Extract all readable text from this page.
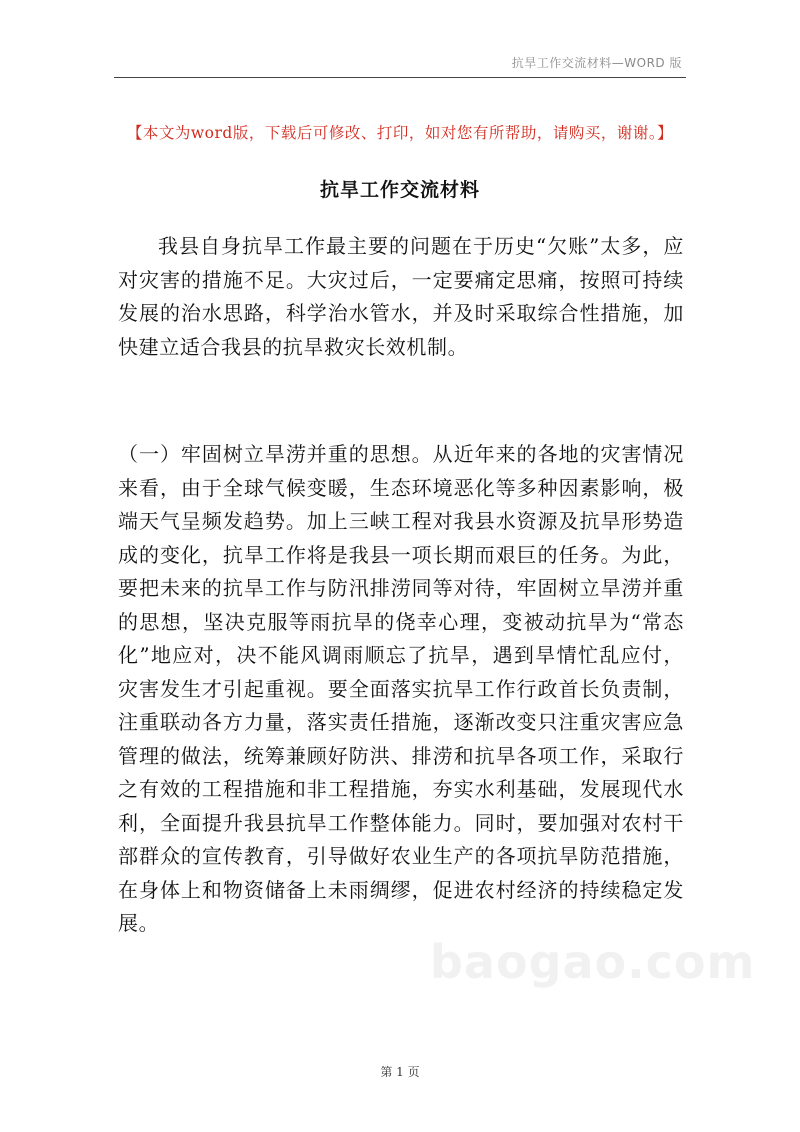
抗旱工作交流材料—WORD 版
【本文为word版，下载后可修改、打印，如对您有所帮助，请购买，谢谢。】
抗旱工作交流材料

我县自身抗旱工作最主要的问题在于历史“欠账”太多，应对灾害的措施不足。大灾过后，一定要痛定思痛，按照可持续发展的治水思路，科学治水管水，并及时采取综合性措施，加快建立适合我县的抗旱救灾长效机制。

（一）牢固树立旱涝并重的思想。从近年来的各地的灾害情况来看，由于全球气候变暖，生态环境恶化等多种因素影响，极端天气呈频发趋势。加上三峡工程对我县水资源及抗旱形势造成的变化，抗旱工作将是我县一项长期而艰巨的任务。为此，要把未来的抗旱工作与防汛排涝同等对待，牢固树立旱涝并重的思想，坚决克服等雨抗旱的侥幸心理，变被动抗旱为“常态化”地应对，决不能风调雨顺忘了抗旱，遇到旱情忙乱应付，灾害发生才引起重视。要全面落实抗旱工作行政首长负责制，注重联动各方力量，落实责任措施，逐渐改变只注重灾害应急管理的做法，统筹兼顾好防洪、排涝和抗旱各项工作，采取行之有效的工程措施和非工程措施，夯实水利基础，发展现代水利，全面提升我县抗旱工作整体能力。同时，要加强对农村干部群众的宣传教育，引导做好农业生产的各项抗旱防范措施，在身体上和物资储备上未雨绸缪，促进农村经济的持续稳定发展。

baogao.com
第 1 页
